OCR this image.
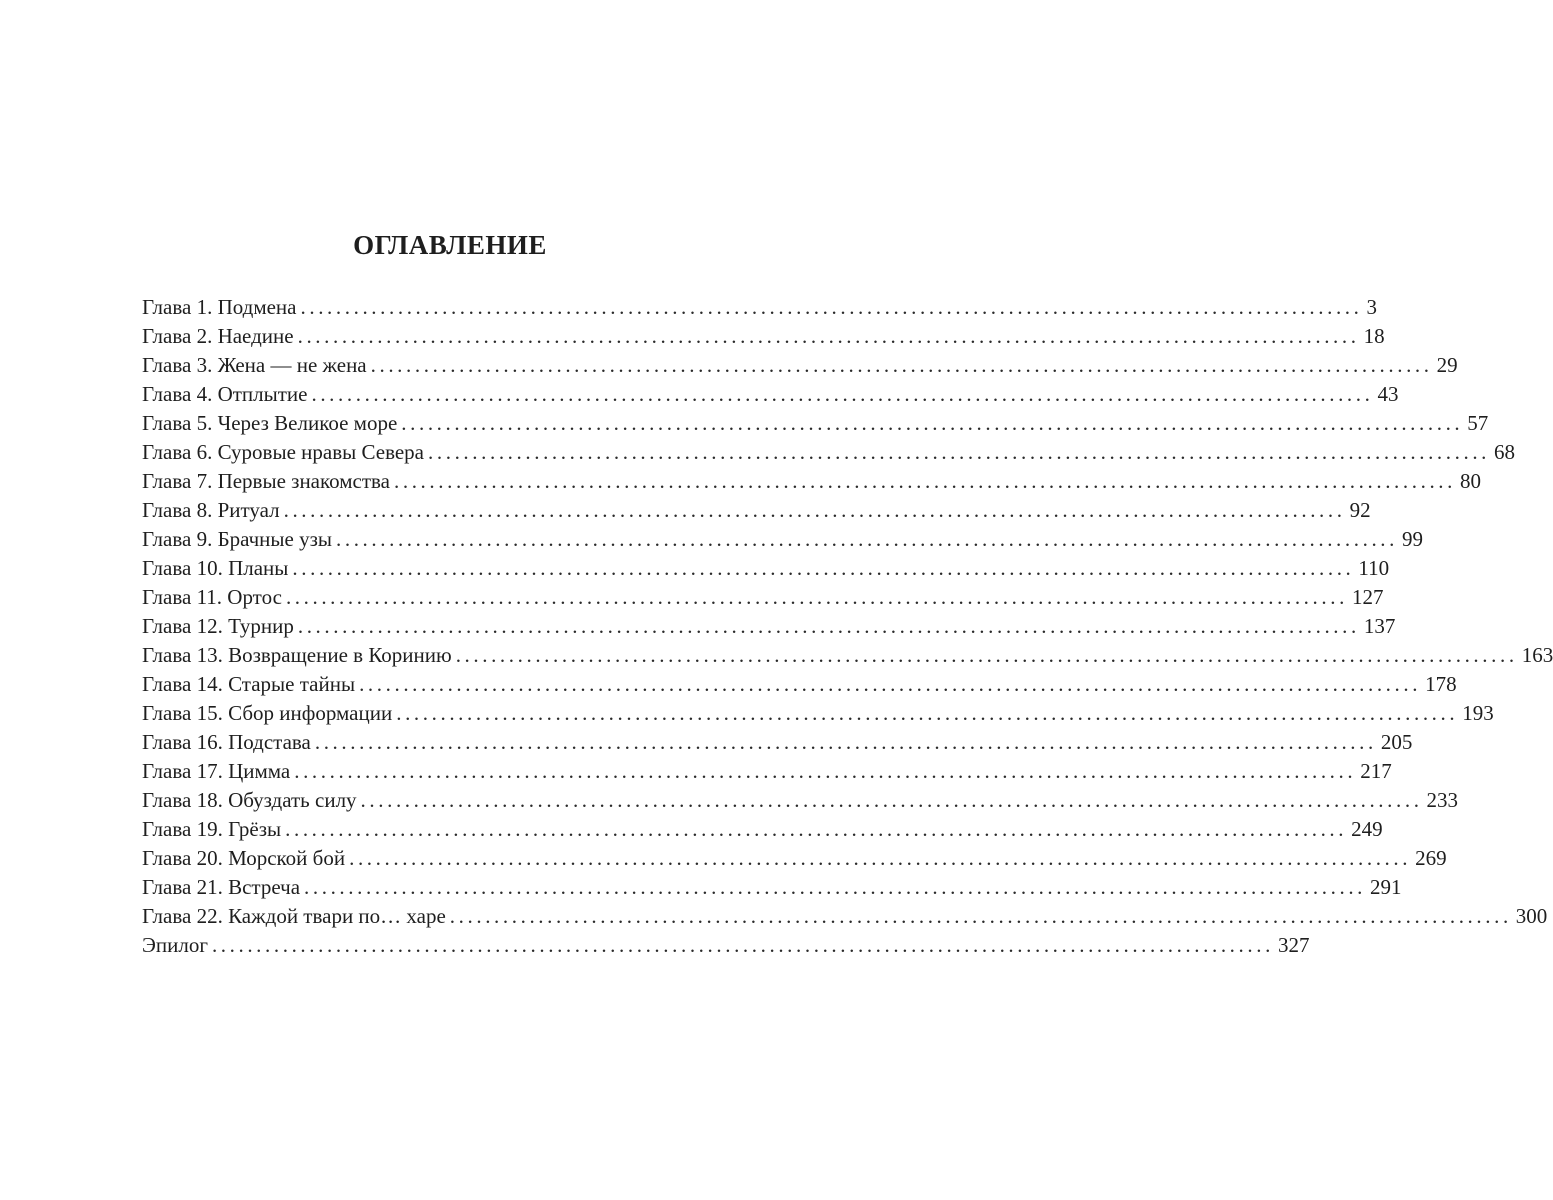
ОГЛАВЛЕНИЕ
Глава 1. Подмена ........................................................................................................................ 3
Глава 2. Наедине ........................................................................................................................ 18
Глава 3. Жена — не жена ........................................................................................................................ 29
Глава 4. Отплытие ........................................................................................................................ 43
Глава 5. Через Великое море ........................................................................................................................ 57
Глава 6. Суровые нравы Севера ........................................................................................................................ 68
Глава 7. Первые знакомства ........................................................................................................................ 80
Глава 8. Ритуал ........................................................................................................................ 92
Глава 9. Брачные узы ........................................................................................................................ 99
Глава 10. Планы ........................................................................................................................ 110
Глава 11. Ортос ........................................................................................................................ 127
Глава 12. Турнир ........................................................................................................................ 137
Глава 13. Возвращение в Коринию ........................................................................................................................ 163
Глава 14. Старые тайны ........................................................................................................................ 178
Глава 15. Сбор информации ........................................................................................................................ 193
Глава 16. Подстава ........................................................................................................................ 205
Глава 17. Цимма ........................................................................................................................ 217
Глава 18. Обуздать силу ........................................................................................................................ 233
Глава 19. Грёзы ........................................................................................................................ 249
Глава 20. Морской бой ........................................................................................................................ 269
Глава 21. Встреча ........................................................................................................................ 291
Глава 22. Каждой твари по… харе ........................................................................................................................ 300
Эпилог ........................................................................................................................ 327
